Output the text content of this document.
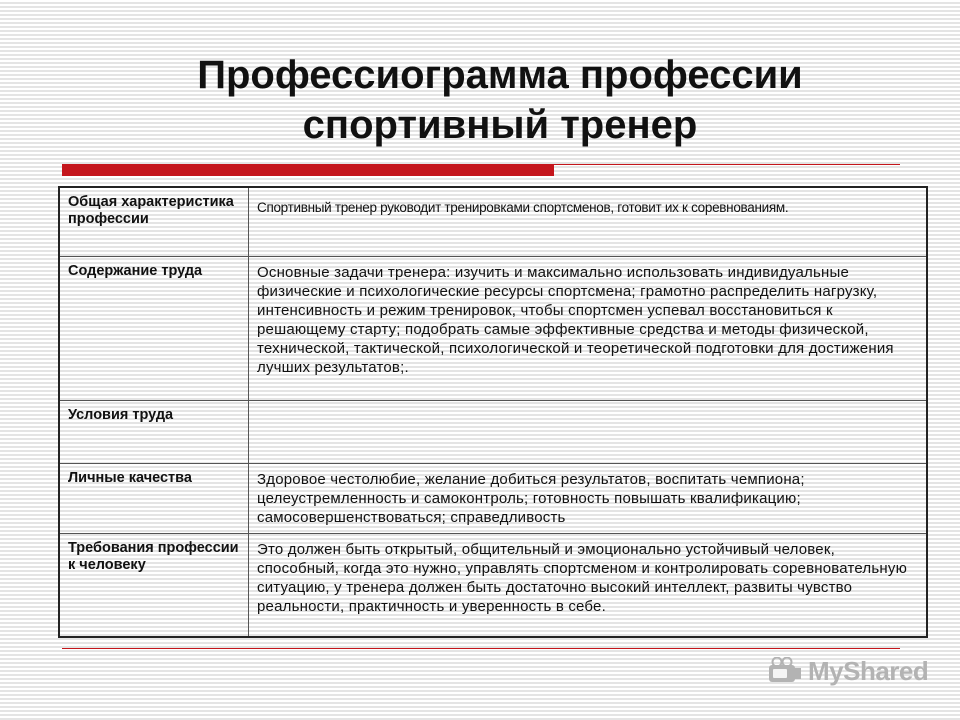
Профессиограмма профессии
спортивный тренер
Общая характеристика профессии	Спортивный тренер руководит тренировками спортсменов, готовит их к соревнованиям.
Содержание труда	Основные задачи тренера: изучить и максимально использовать индивидуальные физические и психологические ресурсы спортсмена; грамотно распределить нагрузку, интенсивность и режим тренировок, чтобы спортсмен успевал восстановиться к решающему старту; подобрать самые эффективные средства и методы физической, технической, тактической, психологической и теоретической подготовки для достижения лучших результатов;.
Условия труда	
Личные качества	Здоровое честолюбие, желание добиться результатов, воспитать чемпиона; целеустремленность и самоконтроль; готовность повышать квалификацию; самосовершенствоваться; справедливость
Требования профессии к человеку	Это должен быть открытый, общительный и эмоционально устойчивый человек, способный, когда это нужно, управлять спортсменом и контролировать соревновательную ситуацию, у тренера должен быть достаточно высокий интеллект, развиты чувство реальности, практичность и уверенность в себе.
MyShared
